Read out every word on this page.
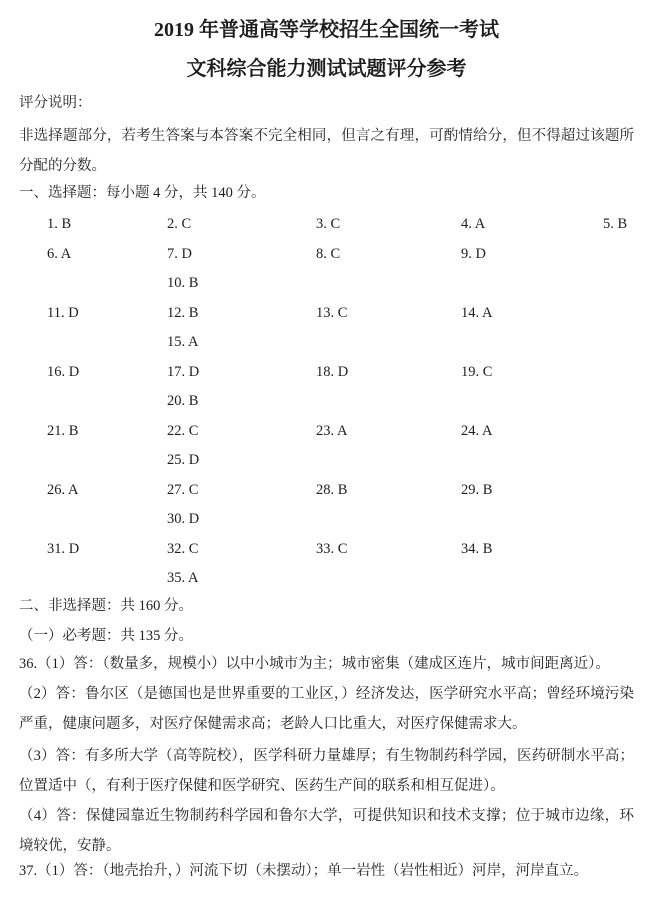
2019 年普通高等学校招生全国统一考试
文科综合能力测试试题评分参考
评分说明：
非选择题部分，若考生答案与本答案不完全相同，但言之有理，可酌情给分，但不得超过该题所分配的分数。
一、选择题：每小题 4 分，共 140 分。
1. B	2. C	3. C	4. A	5. B
6. A	7. D	8. C	9. D
10. B
11. D	12. B	13. C	14. A
15. A
16. D	17. D	18. D	19. C
20. B
21. B	22. C	23. A	24. A
25. D
26. A	27. C	28. B	29. B
30. D
31. D	32. C	33. C	34. B
35. A
二、非选择题：共 160 分。
（一）必考题：共 135 分。
36.（1）答：（数量多，规模小）以中小城市为主；城市密集（建成区连片，城市间距离近）。
（2）答：鲁尔区（是德国也是世界重要的工业区，）经济发达，医学研究水平高；曾经环境污染严重，健康问题多，对医疗保健需求高；老龄人口比重大，对医疗保健需求大。
（3）答：有多所大学（高等院校），医学科研力量雄厚；有生物制药科学园，医药研制水平高；位置适中（，有利于医疗保健和医学研究、医药生产间的联系和相互促进）。
（4）答：保健园靠近生物制药科学园和鲁尔大学，可提供知识和技术支撑；位于城市边缘，环境较优，安静。
37.（1）答：（地壳抬升，）河流下切（未摆动）；单一岩性（岩性相近）河岸，河岸直立。
